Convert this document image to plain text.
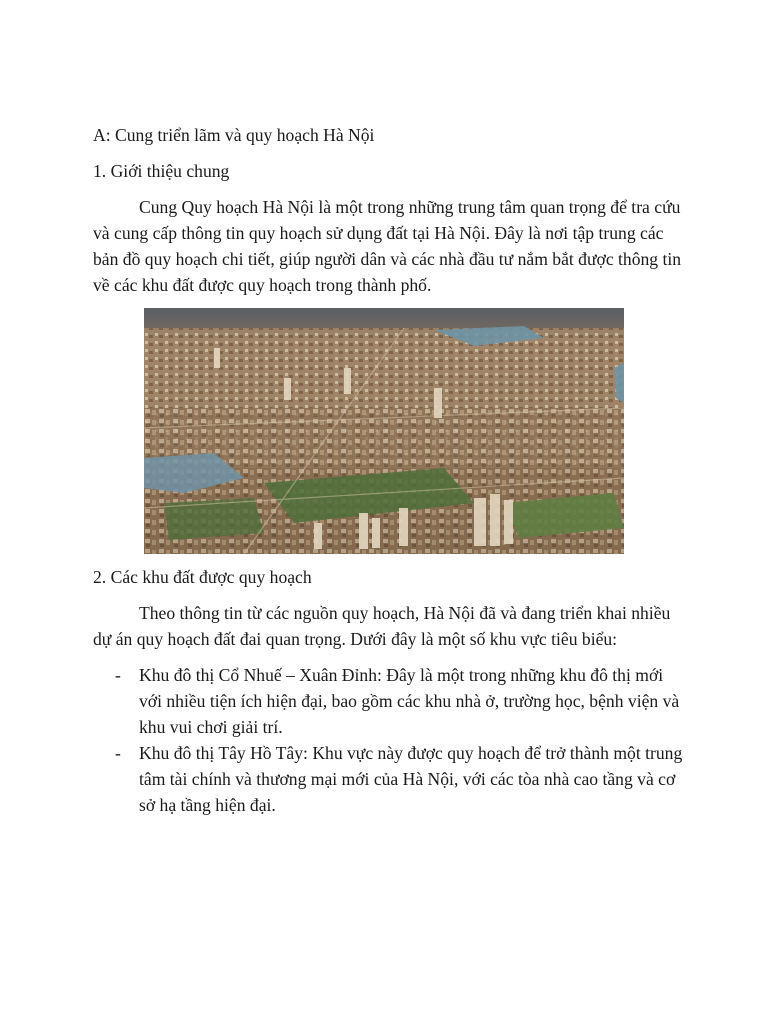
A: Cung triển lãm và quy hoạch Hà Nội

1. Giới thiệu chung

Cung Quy hoạch Hà Nội là một trong những trung tâm quan trọng để tra cứu và cung cấp thông tin quy hoạch sử dụng đất tại Hà Nội. Đây là nơi tập trung các bản đồ quy hoạch chi tiết, giúp người dân và các nhà đầu tư nắm bắt được thông tin về các khu đất được quy hoạch trong thành phố.

2. Các khu đất được quy hoạch

Theo thông tin từ các nguồn quy hoạch, Hà Nội đã và đang triển khai nhiều dự án quy hoạch đất đai quan trọng. Dưới đây là một số khu vực tiêu biểu:

- Khu đô thị Cổ Nhuế – Xuân Đỉnh: Đây là một trong những khu đô thị mới với nhiều tiện ích hiện đại, bao gồm các khu nhà ở, trường học, bệnh viện và khu vui chơi giải trí.
- Khu đô thị Tây Hồ Tây: Khu vực này được quy hoạch để trở thành một trung tâm tài chính và thương mại mới của Hà Nội, với các tòa nhà cao tầng và cơ sở hạ tầng hiện đại.
